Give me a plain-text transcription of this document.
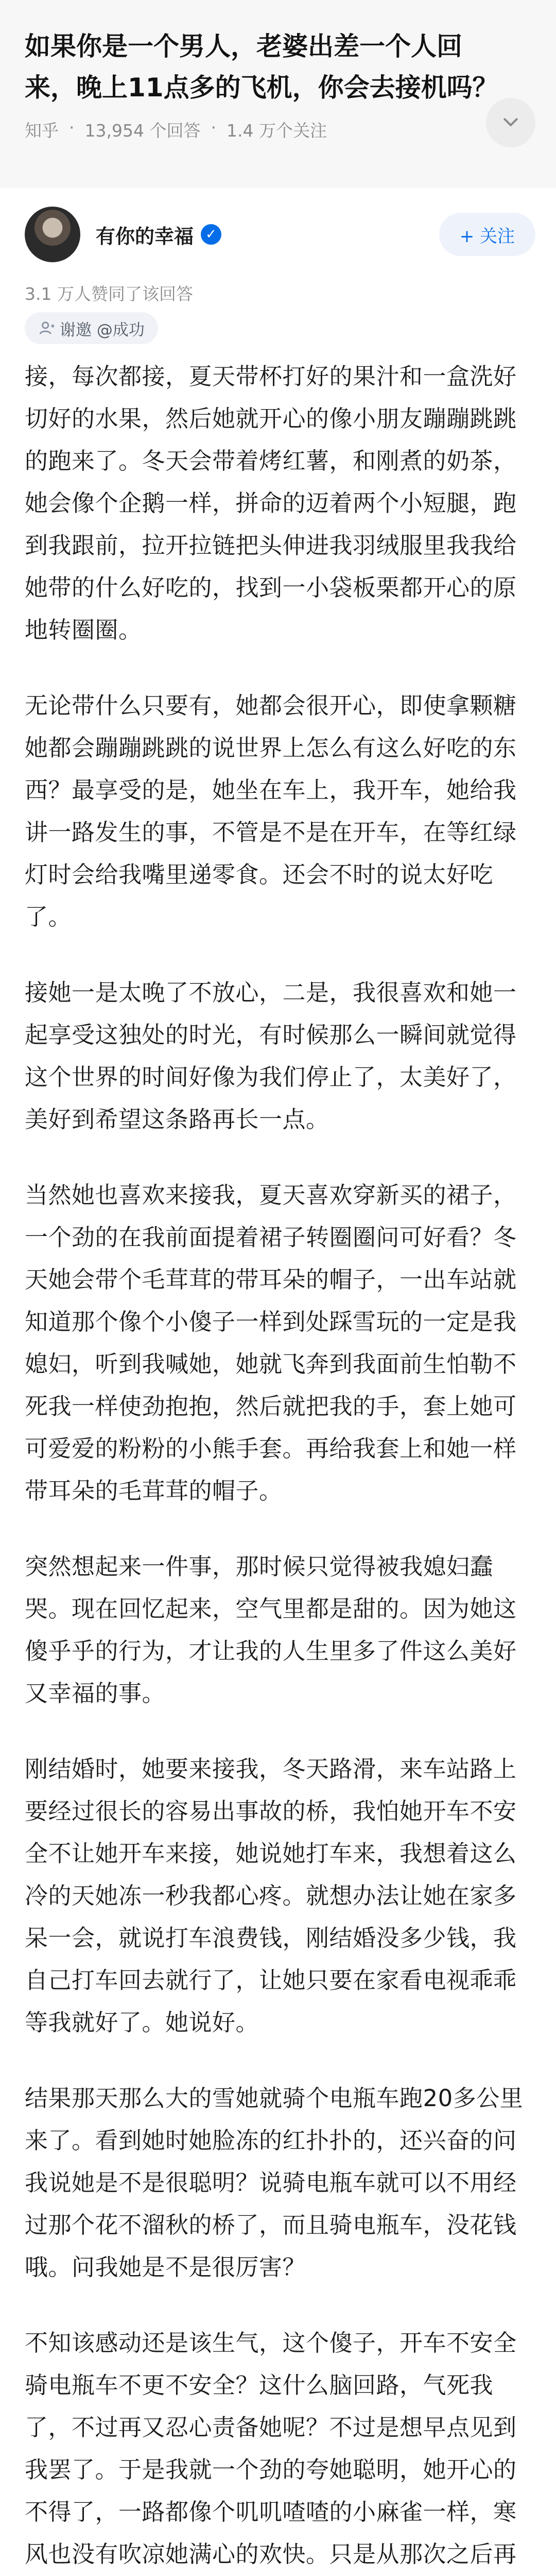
如果你是一个男人，老婆出差一个人回来，晚上11点多的飞机，你会去接机吗？
知乎 · 13,954 个回答 · 1.4 万个关注
有你的幸福 ✓	+ 关注
3.1 万人赞同了该回答
谢邀 @成功

接，每次都接，夏天带杯打好的果汁和一盒洗好切好的水果，然后她就开心的像小朋友蹦蹦跳跳的跑来了。冬天会带着烤红薯，和刚煮的奶茶，她会像个企鹅一样，拼命的迈着两个小短腿，跑到我跟前，拉开拉链把头伸进我羽绒服里我我给她带的什么好吃的，找到一小袋板栗都开心的原地转圈圈。

无论带什么只要有，她都会很开心，即使拿颗糖她都会蹦蹦跳跳的说世界上怎么有这么好吃的东西？最享受的是，她坐在车上，我开车，她给我讲一路发生的事，不管是不是在开车，在等红绿灯时会给我嘴里递零食。还会不时的说太好吃了。

接她一是太晚了不放心，二是，我很喜欢和她一起享受这独处的时光，有时候那么一瞬间就觉得这个世界的时间好像为我们停止了，太美好了，美好到希望这条路再长一点。

当然她也喜欢来接我，夏天喜欢穿新买的裙子，一个劲的在我前面提着裙子转圈圈问可好看？冬天她会带个毛茸茸的带耳朵的帽子，一出车站就知道那个像个小傻子一样到处踩雪玩的一定是我媳妇，听到我喊她，她就飞奔到我面前生怕勒不死我一样使劲抱抱，然后就把我的手，套上她可可爱爱的粉粉的小熊手套。再给我套上和她一样带耳朵的毛茸茸的帽子。

突然想起来一件事，那时候只觉得被我媳妇蠢哭。现在回忆起来，空气里都是甜的。因为她这傻乎乎的行为，才让我的人生里多了件这么美好又幸福的事。

刚结婚时，她要来接我，冬天路滑，来车站路上要经过很长的容易出事故的桥，我怕她开车不安全不让她开车来接，她说她打车来，我想着这么冷的天她冻一秒我都心疼。就想办法让她在家多呆一会，就说打车浪费钱，刚结婚没多少钱，我自己打车回去就行了，让她只要在家看电视乖乖等我就好了。她说好。

结果那天那么大的雪她就骑个电瓶车跑20多公里来了。看到她时她脸冻的红扑扑的，还兴奋的问我说她是不是很聪明？说骑电瓶车就可以不用经过那个花不溜秋的桥了，而且骑电瓶车，没花钱哦。问我她是不是很厉害？

不知该感动还是该生气，这个傻子，开车不安全骑电瓶车不更不安全？这什么脑回路，气死我了，不过再又忍心责备她呢？不过是想早点见到我罢了。于是我就一个劲的夸她聪明，她开心的不得了，一路都像个叽叽喳喳的小麻雀一样，寒风也没有吹凉她满心的欢快。只是从那次之后再
